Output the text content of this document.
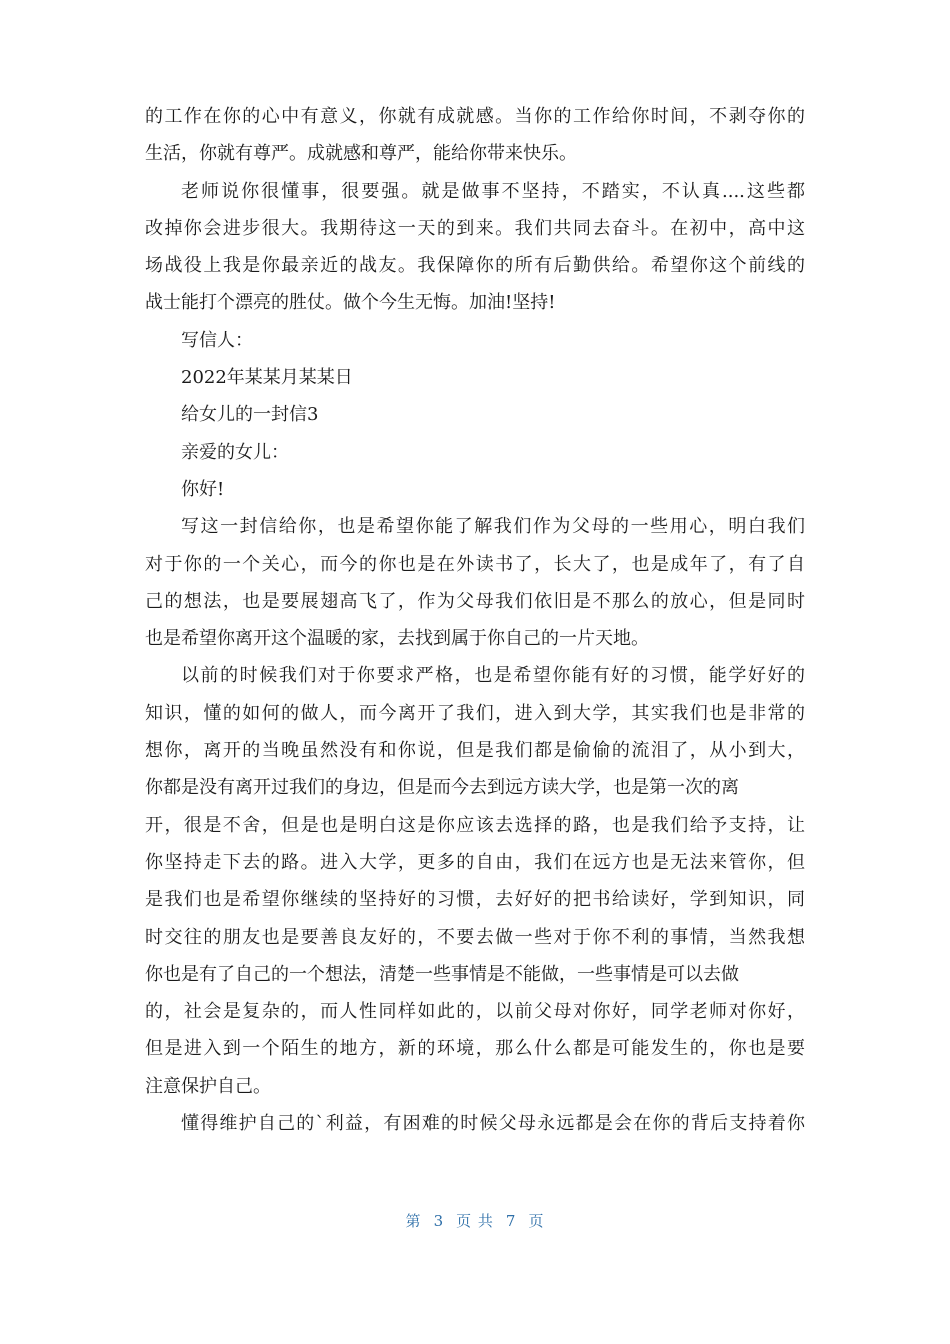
的工作在你的心中有意义，你就有成就感。当你的工作给你时间，不剥夺你的
生活，你就有尊严。成就感和尊严，能给你带来快乐。
老师说你很懂事，很要强。就是做事不坚持，不踏实，不认真....这些都
改掉你会进步很大。我期待这一天的到来。我们共同去奋斗。在初中，高中这
场战役上我是你最亲近的战友。我保障你的所有后勤供给。希望你这个前线的
战士能打个漂亮的胜仗。做个今生无悔。加油!坚持!
写信人：
2022年某某月某某日
给女儿的一封信3
亲爱的女儿：
你好!
写这一封信给你，也是希望你能了解我们作为父母的一些用心，明白我们
对于你的一个关心，而今的你也是在外读书了，长大了，也是成年了，有了自
己的想法，也是要展翅高飞了，作为父母我们依旧是不那么的放心，但是同时
也是希望你离开这个温暖的家，去找到属于你自己的一片天地。
以前的时候我们对于你要求严格，也是希望你能有好的习惯，能学好好的
知识，懂的如何的做人，而今离开了我们，进入到大学，其实我们也是非常的
想你，离开的当晚虽然没有和你说，但是我们都是偷偷的流泪了，从小到大，
你都是没有离开过我们的身边，但是而今去到远方读大学，也是第一次的离
开，很是不舍，但是也是明白这是你应该去选择的路，也是我们给予支持，让
你坚持走下去的路。进入大学，更多的自由，我们在远方也是无法来管你，但
是我们也是希望你继续的坚持好的习惯，去好好的把书给读好，学到知识，同
时交往的朋友也是要善良友好的，不要去做一些对于你不利的事情，当然我想
你也是有了自己的一个想法，清楚一些事情是不能做，一些事情是可以去做
的，社会是复杂的，而人性同样如此的，以前父母对你好，同学老师对你好，
但是进入到一个陌生的地方，新的环境，那么什么都是可能发生的，你也是要
注意保护自己。
懂得维护自己的`利益，有困难的时候父母永远都是会在你的背后支持着你
第 3 页 共 7 页
